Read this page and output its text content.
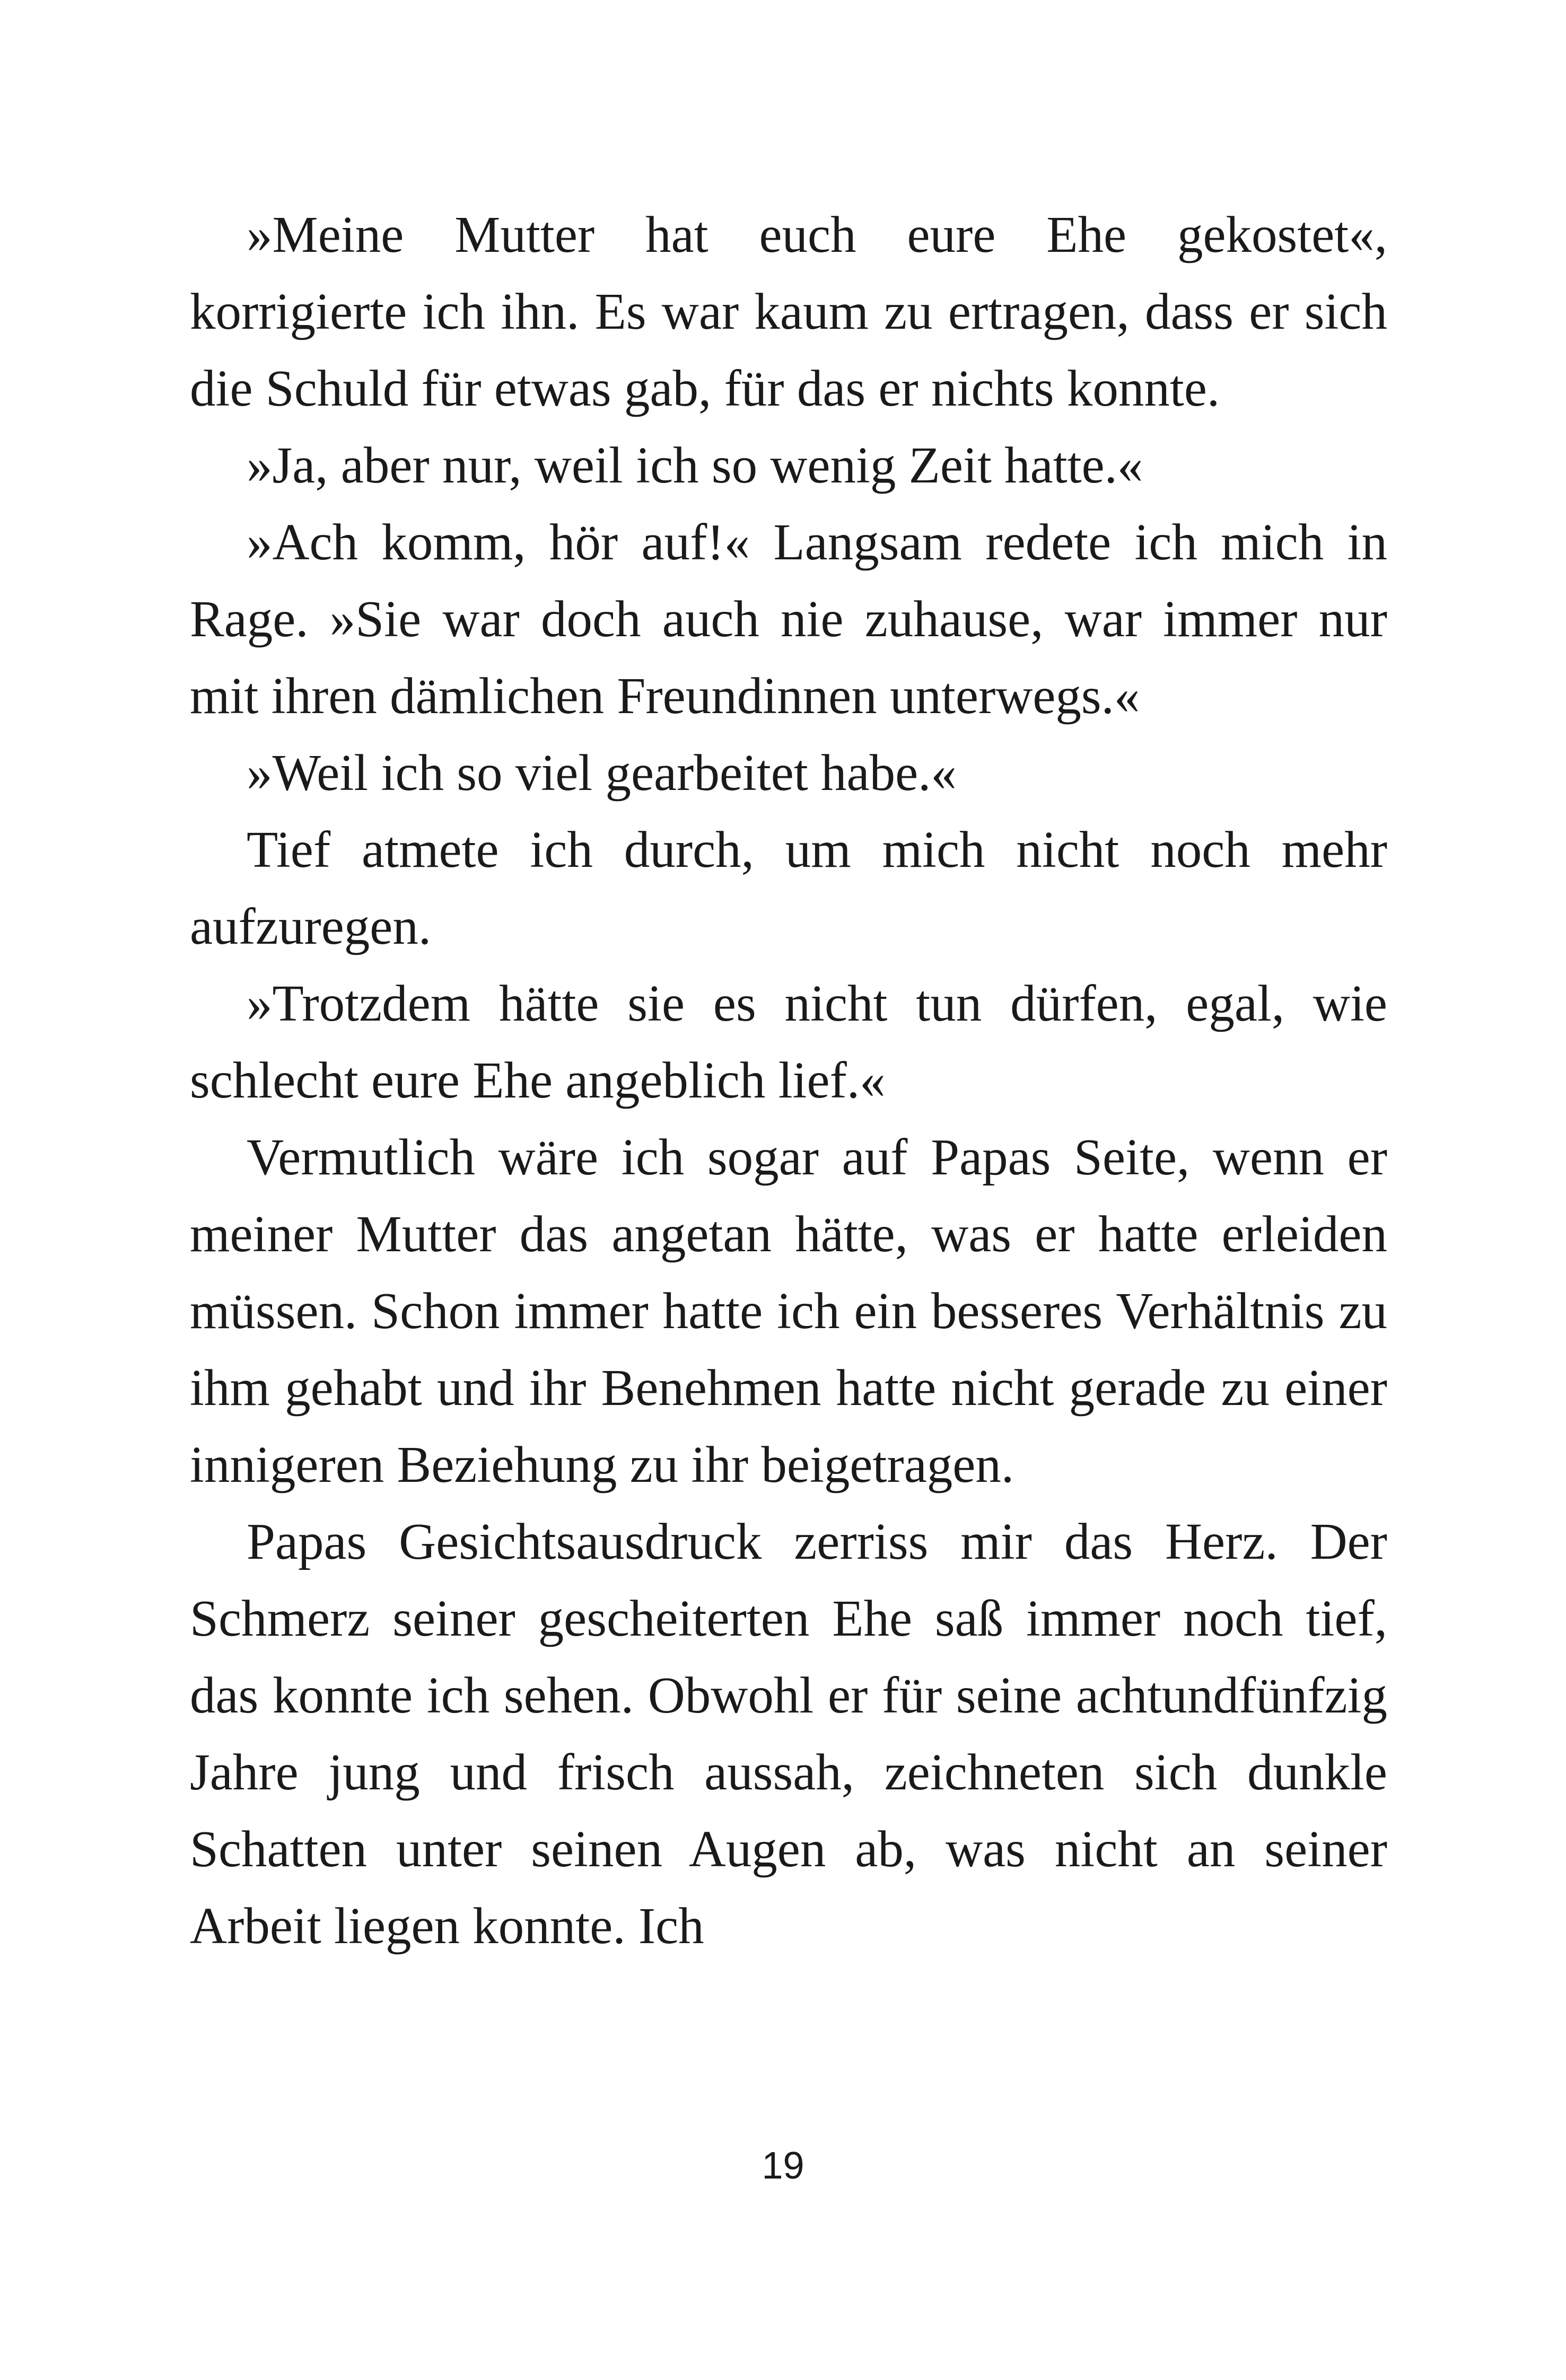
»Meine Mutter hat euch eure Ehe gekostet«, korrigierte ich ihn. Es war kaum zu ertragen, dass er sich die Schuld für etwas gab, für das er nichts konnte.

»Ja, aber nur, weil ich so wenig Zeit hatte.«

»Ach komm, hör auf!« Langsam redete ich mich in Rage. »Sie war doch auch nie zuhause, war immer nur mit ihren dämlichen Freundinnen unterwegs.«

»Weil ich so viel gearbeitet habe.«

Tief atmete ich durch, um mich nicht noch mehr aufzuregen.

»Trotzdem hätte sie es nicht tun dürfen, egal, wie schlecht eure Ehe angeblich lief.«

Vermutlich wäre ich sogar auf Papas Seite, wenn er meiner Mutter das angetan hätte, was er hatte erleiden müssen. Schon immer hatte ich ein besseres Verhältnis zu ihm gehabt und ihr Benehmen hatte nicht gerade zu einer innigeren Beziehung zu ihr beigetragen.

Papas Gesichtsausdruck zerriss mir das Herz. Der Schmerz seiner gescheiterten Ehe saß immer noch tief, das konnte ich sehen. Obwohl er für seine achtundfünfzig Jahre jung und frisch aussah, zeichneten sich dunkle Schatten unter seinen Augen ab, was nicht an seiner Arbeit liegen konnte. Ich

19
